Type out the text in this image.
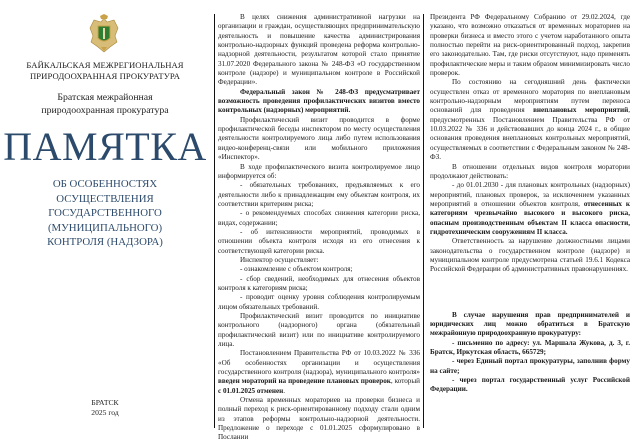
БАЙКАЛЬСКАЯ МЕЖРЕГИОНАЛЬНАЯ
ПРИРОДООХРАННАЯ ПРОКУРАТУРА
Братская межрайонная
природоохранная прокуратура
ПАМЯТКА
ОБ ОСОБЕННОСТЯХ
ОСУЩЕСТВЛЕНИЯ
ГОСУДАРСТВЕННОГО
(МУНИЦИПАЛЬНОГО)
КОНТРОЛЯ (НАДЗОРА)
БРАТСК
2025 год

В целях снижения административной нагрузки на организации и граждан, осуществляющих предпринимательскую деятельность и повышение качества администрирования контрольно-надзорных функций проведена реформа контрольно-надзорной деятельности, результатом которой стало принятие 31.07.2020 Федерального закона № 248-ФЗ «О государственном контроле (надзоре) и муниципальном контроле в Российской Федерации».

Федеральный закон № 248-ФЗ предусматривает возможность проведения профилактических визитов вместо контрольных (надзорных) мероприятий.

Профилактический визит проводится в форме профилактической беседы инспектором по месту осуществления деятельности контролируемого лица либо путем использования видео-конференц-связи или мобильного приложения «Инспектор».

В ходе профилактического визита контролируемое лицо информируется об:

- обязательных требованиях, предъявляемых к его деятельности либо к принадлежащим ему объектам контроля, их соответствии критериям риска;

- о рекомендуемых способах снижения категории риска, видах, содержании;

- об интенсивности мероприятий, проводимых в отношении объекта контроля исходя из его отнесения к соответствующей категории риска.

Инспектор осуществляет:

- ознакомление с объектом контроля;

- сбор сведений, необходимых для отнесения объектов контроля к категориям риска;

- проводит оценку уровня соблюдения контролируемым лицом обязательных требований.

Профилактический визит проводится по инициативе контрольного (надзорного) органа (обязательный профилактический визит) или по инициативе контролируемого лица.

Постановлением Правительства РФ от 10.03.2022 № 336 «Об особенностях организации и осуществления государственного контроля (надзора), муниципального контроля» введен мораторий на проведение плановых проверок, который с 01.01.2025 отменен.

Отмена временных мораториев на проверки бизнеса и полный переход к риск-ориентированному подходу стали одним из этапов реформы контрольно-надзорной деятельности. Предложение о переходе с 01.01.2025 сформулировано в Послании

Президента РФ Федеральному Собранию от 29.02.2024, где указано, что возможно отказаться от временных мораториев на проверки бизнеса и вместо этого с учетом наработанного опыта полностью перейти на риск-ориентированный подход, закрепив его законодательно. Там, где риски отсутствуют, надо применять профилактические меры и таким образом минимизировать число проверок.

По состоянию на сегодняшний день фактически осуществлен отказ от временного моратория по внеплановым контрольно-надзорным мероприятиям путем переноса оснований для проведения внеплановых мероприятий, предусмотренных Постановлением Правительства РФ от 10.03.2022 № 336 и действовавших до конца 2024 г., в общие основания проведения внеплановых контрольных мероприятий, осуществляемых в соответствии с Федеральным законом № 248-ФЗ.

В отношении отдельных видов контроля моратории продолжают действовать:

- до 01.01.2030 - для плановых контрольных (надзорных) мероприятий, плановых проверок, за исключением указанных мероприятий в отношении объектов контроля, отнесенных к категориям чрезвычайно высокого и высокого риска, опасным производственным объектам II класса опасности, гидротехническим сооружениям II класса.

Ответственность за нарушение должностными лицами законодательства о государственном контроле (надзоре) и муниципальном контроле предусмотрена статьей 19.6.1 Кодекса Российской Федерации об административных правонарушениях.

В случае нарушения прав предпринимателей и юридических лиц можно обратиться в Братскую межрайонную природоохранную прокуратуру:

- письменно по адресу: ул. Маршала Жукова, д. 3, г. Братск, Иркутская область, 665729;

- через Единый портал прокуратуры, заполнив форму на сайте;

- через портал государственный услуг Российской Федерации.
